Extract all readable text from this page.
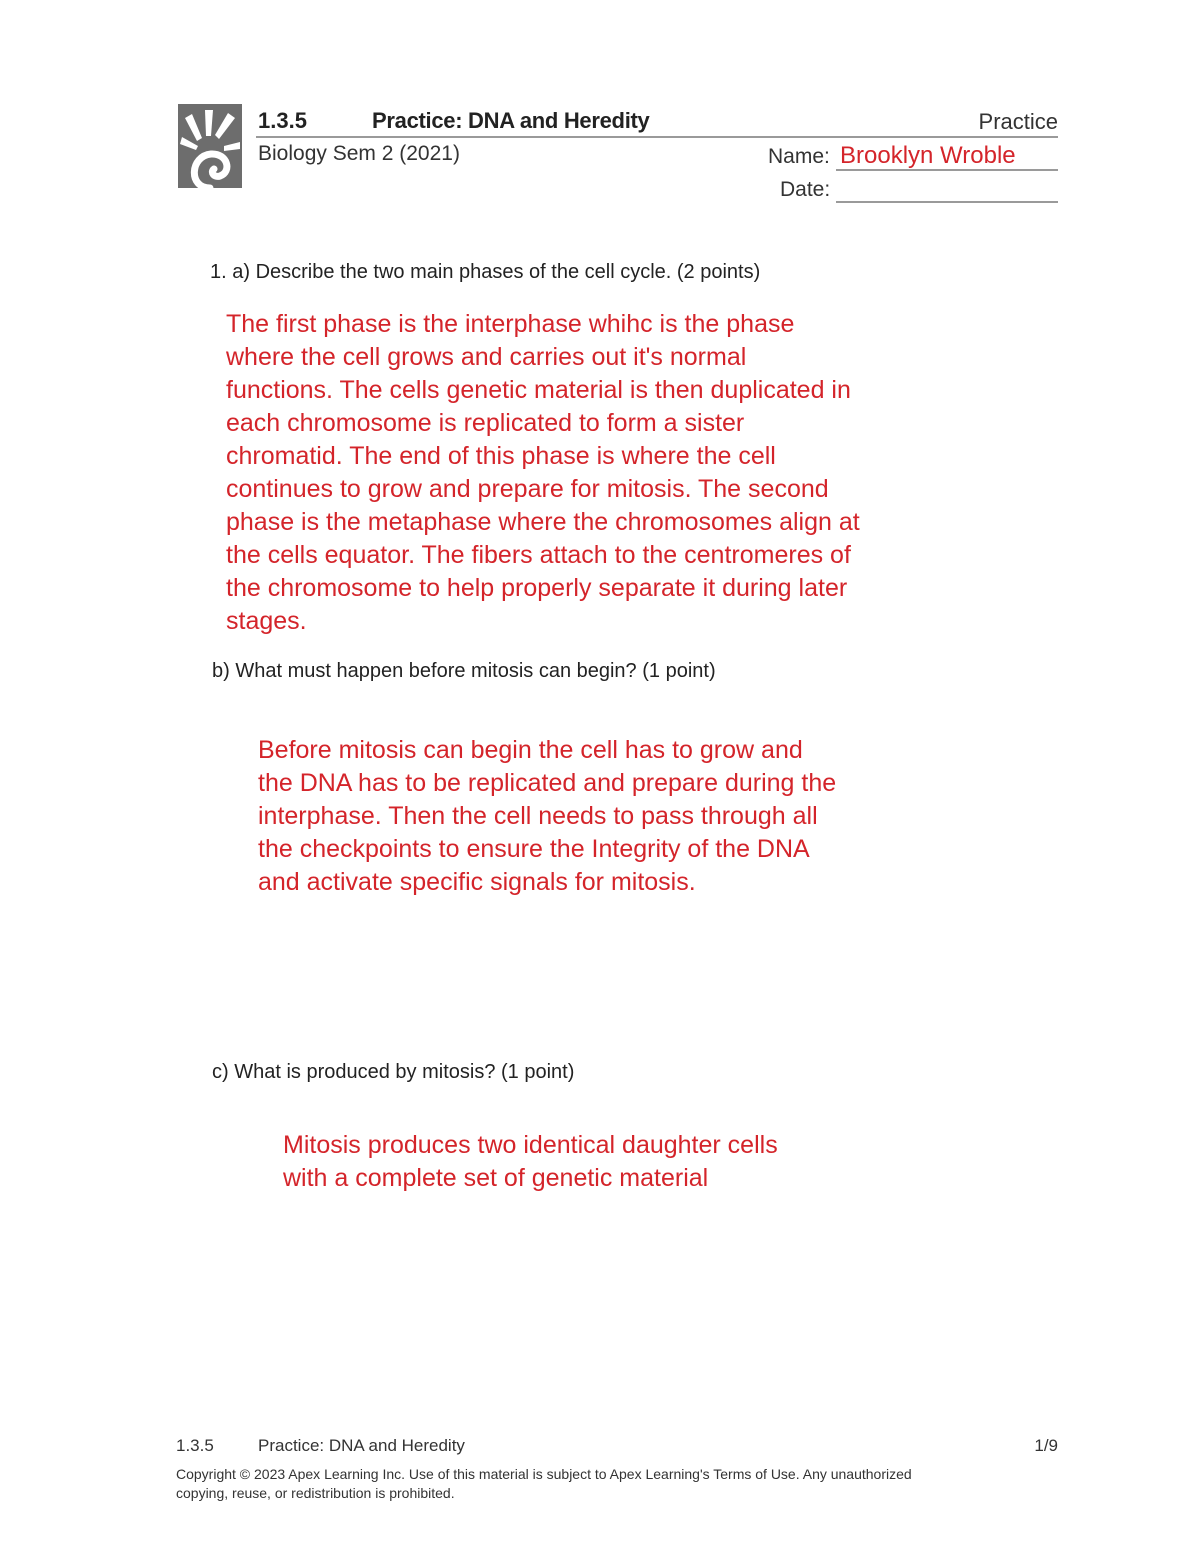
1.3.5	Practice: DNA and Heredity	Practice
Biology Sem 2 (2021)	Name: Brooklyn Wroble
Date:
1. a) Describe the two main phases of the cell cycle. (2 points)

The first phase is the interphase whihc is the phase

where the cell grows and carries out it's normal

functions. The cells genetic material is then duplicated in

each chromosome is replicated to form a sister

chromatid. The end of this phase is where the cell

continues to grow and prepare for mitosis. The second

phase is the metaphase where the chromosomes align at

the cells equator. The fibers attach to the centromeres of

the chromosome to help properly separate it during later

stages.

b) What must happen before mitosis can begin? (1 point)

Before mitosis can begin the cell has to grow and

the DNA has to be replicated and prepare during the

interphase. Then the cell needs to pass through all

the checkpoints to ensure the Integrity of the DNA

and activate specific signals for mitosis.

c) What is produced by mitosis? (1 point)

Mitosis produces two identical daughter cells

with a complete set of genetic material

1.3.5	Practice: DNA and Heredity	1/9
Copyright © 2023 Apex Learning Inc. Use of this material is subject to Apex Learning's Terms of Use. Any unauthorized
copying, reuse, or redistribution is prohibited.
